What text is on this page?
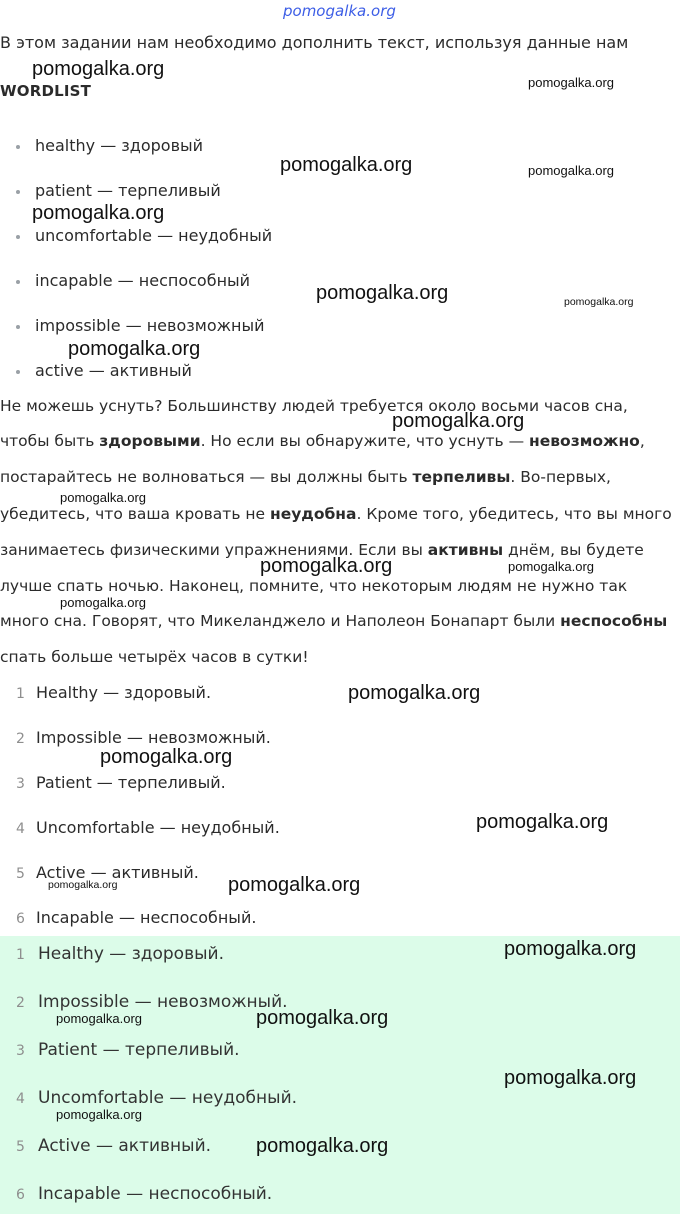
pomogalka.org
В этом задании нам необходимо дополнить текст, используя данные нам
WORDLIST
healthy — здоровый
patient — терпеливый
uncomfortable — неудобный
incapable — неспособный
impossible — невозможный
active — активный
Не можешь уснуть? Большинству людей требуется около восьми часов сна,
чтобы быть здоровыми. Но если вы обнаружите, что уснуть — невозможно,
постарайтесь не волноваться — вы должны быть терпеливы. Во-первых,
убедитесь, что ваша кровать не неудобна. Кроме того, убедитесь, что вы много
занимаетесь физическими упражнениями. Если вы активны днём, вы будете
лучше спать ночью. Наконец, помните, что некоторым людям не нужно так
много сна. Говорят, что Микеланджело и Наполеон Бонапарт были неспособны
спать больше четырёх часов в сутки!
1 Healthy — здоровый.
2 Impossible — невозможный.
3 Patient — терпеливый.
4 Uncomfortable — неудобный.
5 Active — активный.
6 Incapable — неспособный.
1 Healthy — здоровый.
2 Impossible — невозможный.
3 Patient — терпеливый.
4 Uncomfortable — неудобный.
5 Active — активный.
6 Incapable — неспособный.
pomogalka.org
pomogalka.org
pomogalka.org	pomogalka.org
pomogalka.org
pomogalka.org	pomogalka.org
pomogalka.org
pomogalka.org
pomogalka.org
pomogalka.org	pomogalka.org
pomogalka.org
pomogalka.org
pomogalka.org
pomogalka.org
pomogalka.org	pomogalka.org
pomogalka.org
pomogalka.org	pomogalka.org
pomogalka.org
pomogalka.org
pomogalka.org
